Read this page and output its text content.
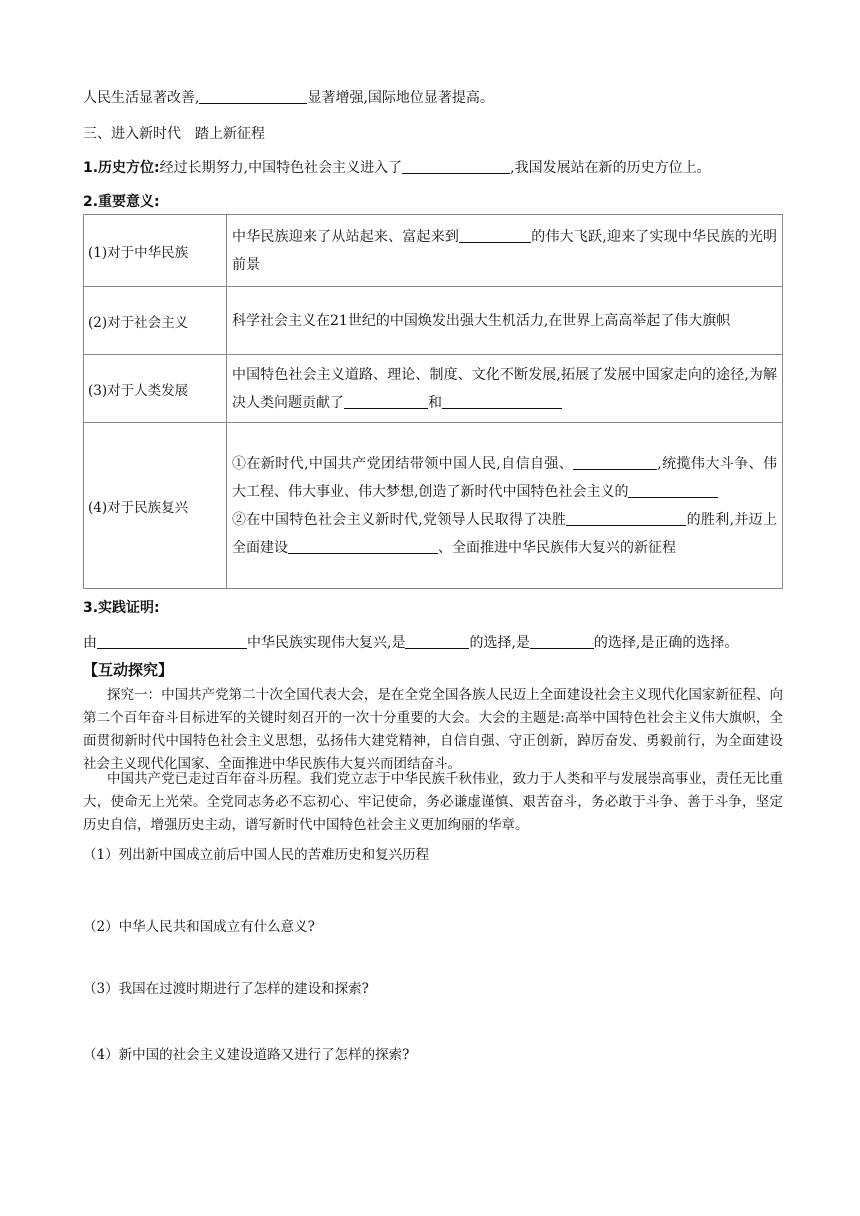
人民生活显著改善,	显著增强,国际地位显著提高。
三、进入新时代　踏上新征程
1.历史方位:经过长期努力,中国特色社会主义进入了	,我国发展站在新的历史方位上。
2.重要意义:
(1)对于中华民族	中华民族迎来了从站起来、富起来到 的伟大飞跃,迎来了实现中华民族的光明前景
(2)对于社会主义	科学社会主义在21世纪的中国焕发出强大生机活力,在世界上高高举起了伟大旗帜
(3)对于人类发展	中国特色社会主义道路、理论、制度、文化不断发展,拓展了发展中国家走向的途径,为解决人类问题贡献了 和
(4)对于民族复兴	①在新时代,中国共产党团结带领中国人民,自信自强、 ,统揽伟大斗争、伟大工程、伟大事业、伟大梦想,创造了新时代中国特色社会主义的
②在中国特色社会主义新时代,党领导人民取得了决胜 的胜利,并迈上全面建设 、全面推进中华民族伟大复兴的新征程
3.实践证明:
由	中华民族实现伟大复兴,是	的选择,是	的选择,是正确的选择。
【互动探究】
探究一：中国共产党第二十次全国代表大会，是在全党全国各族人民迈上全面建设社会主义现代化国家新征程、向第二个百年奋斗目标进军的关键时刻召开的一次十分重要的大会。大会的主题是:高举中国特色社会主义伟大旗帜，全面贯彻新时代中国特色社会主义思想，弘扬伟大建党精神，自信自强、守正创新，踔厉奋发、勇毅前行，为全面建设社会主义现代化国家、全面推进中华民族伟大复兴而团结奋斗。
中国共产党已走过百年奋斗历程。我们党立志于中华民族千秋伟业，致力于人类和平与发展崇高事业，责任无比重大，使命无上光荣。全党同志务必不忘初心、牢记使命，务必谦虚谨慎、艰苦奋斗，务必敢于斗争、善于斗争，坚定历史自信，增强历史主动，谱写新时代中国特色社会主义更加绚丽的华章。
（1）列出新中国成立前后中国人民的苦难历史和复兴历程
（2）中华人民共和国成立有什么意义?
（3）我国在过渡时期进行了怎样的建设和探索?
（4）新中国的社会主义建设道路又进行了怎样的探索?
